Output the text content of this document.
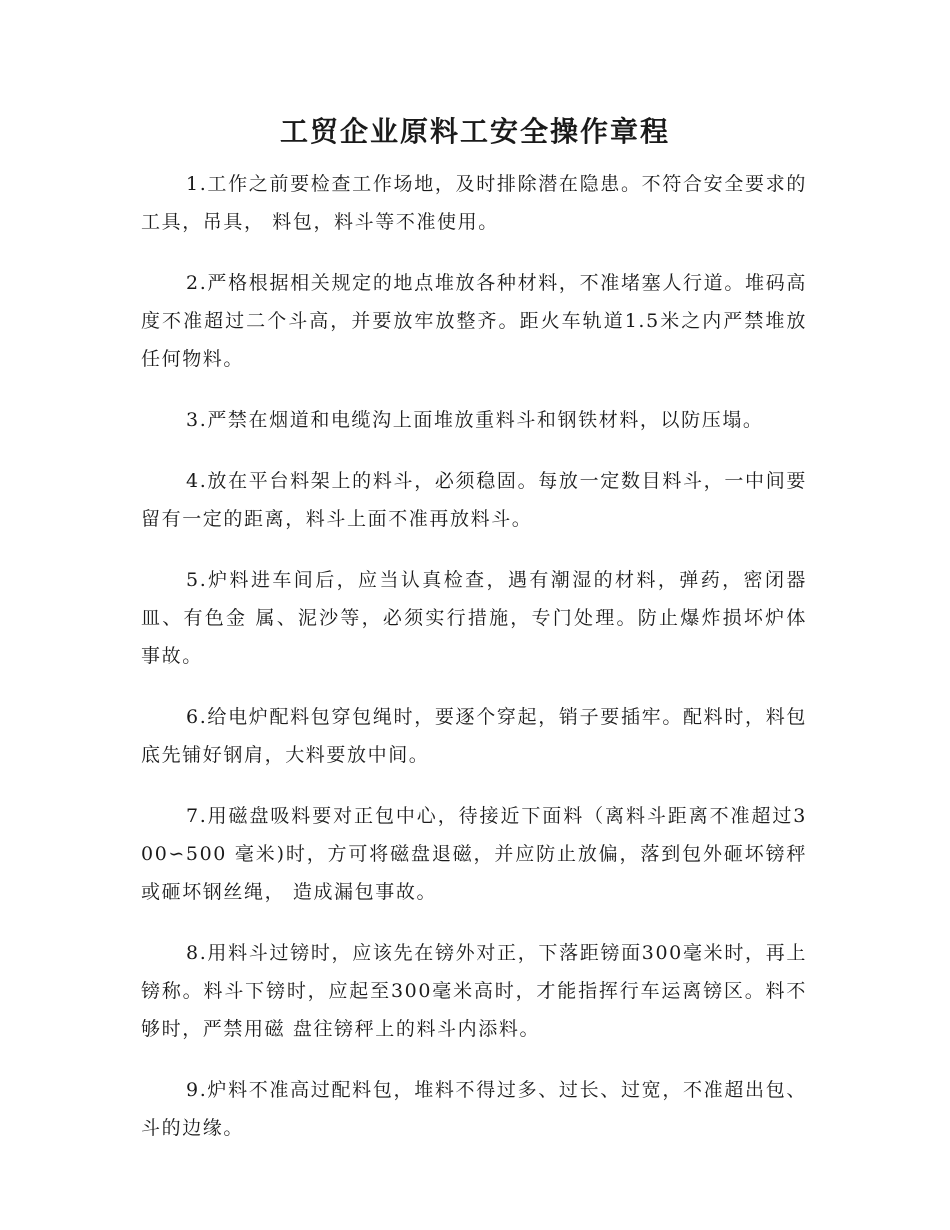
工贸企业原料工安全操作章程

1.工作之前要检查工作场地，及时排除潜在隐患。不符合安全要求的工具，吊具， 料包，料斗等不准使用。

2.严格根据相关规定的地点堆放各种材料，不准堵塞人行道。堆码高度不准超过二个斗高，并要放牢放整齐。距火车轨道1.5米之内严禁堆放任何物料。

3.严禁在烟道和电缆沟上面堆放重料斗和钢铁材料，以防压塌。

4.放在平台料架上的料斗，必须稳固。每放一定数目料斗，一中间要留有一定的距离，料斗上面不准再放料斗。

5.炉料进车间后，应当认真检查，遇有潮湿的材料，弹药，密闭器皿、有色金 属、泥沙等，必须实行措施，专门处理。防止爆炸损坏炉体事故。

6.给电炉配料包穿包绳时，要逐个穿起，销子要插牢。配料时，料包底先铺好钢肩，大料要放中间。

7.用磁盘吸料要对正包中心，待接近下面料（离料斗距离不准超过300∽500 毫米)时，方可将磁盘退磁，并应防止放偏，落到包外砸坏镑秤或砸坏钢丝绳， 造成漏包事故。

8.用料斗过镑时，应该先在镑外对正，下落距镑面300毫米时，再上镑称。料斗下镑时，应起至300毫米高时，才能指挥行车运离镑区。料不够时，严禁用磁 盘往镑秤上的料斗内添料。

9.炉料不准高过配料包，堆料不得过多、过长、过宽，不准超出包、斗的边缘。
